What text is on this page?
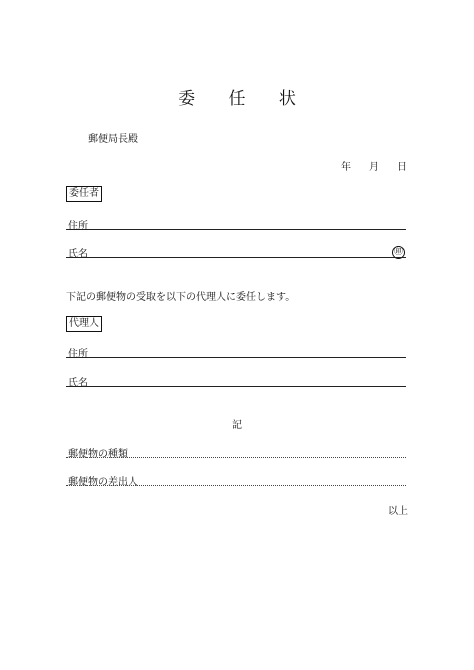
委 任 状
郵便局長殿
年 月 日
委任者
住所
氏名	㊞
下記の郵便物の受取を以下の代理人に委任します。
代理人
住所
氏名
記
郵便物の種類
郵便物の差出人
以上
